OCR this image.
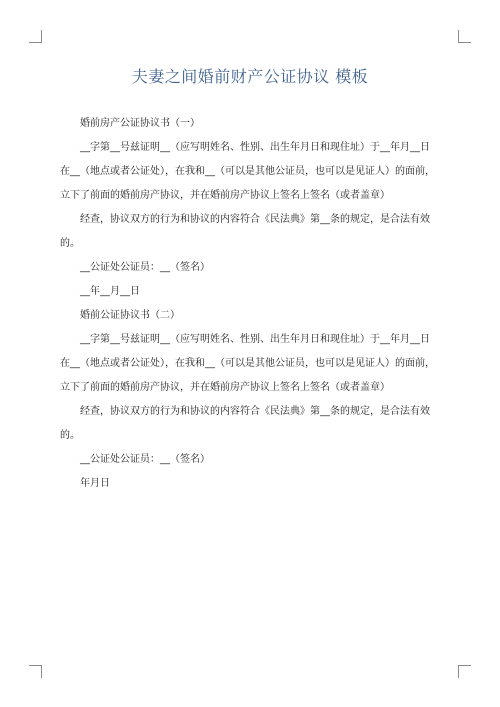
夫妻之间婚前财产公证协议 模板
婚前房产公证协议书（一）
__字第__号兹证明__（应写明姓名、性别、出生年月日和现住址）于__年月__日
在__（地点或者公证处），在我和__（可以是其他公证员，也可以是见证人）的面前，
立下了前面的婚前房产协议，并在婚前房产协议上签名上签名（或者盖章）
经查，协议双方的行为和协议的内容符合《民法典》第__条的规定，是合法有效
的。
__公证处公证员：__（签名）
__年__月__日
婚前公证协议书（二）
__字第__号兹证明__（应写明姓名、性别、出生年月日和现住址）于__年月__日
在__（地点或者公证处），在我和__（可以是其他公证员，也可以是见证人）的面前，
立下了前面的婚前房产协议，并在婚前房产协议上签名上签名（或者盖章）
经查，协议双方的行为和协议的内容符合《民法典》第__条的规定，是合法有效
的。
__公证处公证员：__（签名）
年月日
